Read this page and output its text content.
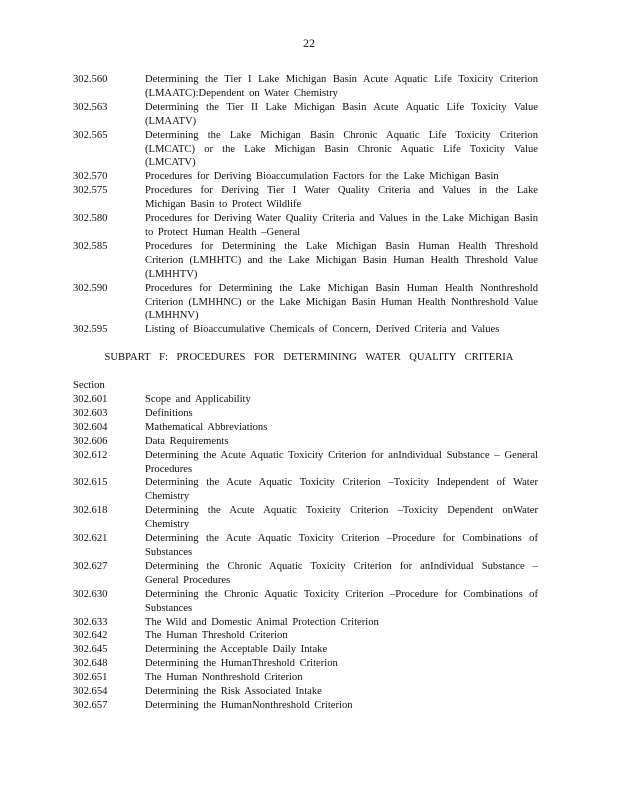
22
302.560	Determining the Tier I Lake Michigan Basin Acute Aquatic Life Toxicity Criterion (LMAATC):Dependent on Water Chemistry
302.563	Determining the Tier II Lake Michigan Basin Acute Aquatic Life Toxicity Value (LMAATV)
302.565	Determining the Lake Michigan Basin Chronic Aquatic Life Toxicity Criterion (LMCATC) or the Lake Michigan Basin Chronic Aquatic Life Toxicity Value (LMCATV)
302.570	Procedures for Deriving Bioaccumulation Factors for the Lake Michigan Basin
302.575	Procedures for Deriving Tier I Water Quality Criteria and Values in the Lake Michigan Basin to Protect Wildlife
302.580	Procedures for Deriving Water Quality Criteria and Values in the Lake Michigan Basin to Protect Human Health –General
302.585	Procedures for Determining the Lake Michigan Basin Human Health Threshold Criterion (LMHHTC) and the Lake Michigan Basin Human Health Threshold Value (LMHHTV)
302.590	Procedures for Determining the Lake Michigan Basin Human Health Nonthreshold Criterion (LMHHNC) or the Lake Michigan Basin Human Health Nonthreshold Value (LMHHNV)
302.595	Listing of Bioaccumulative Chemicals of Concern, Derived Criteria and Values
SUBPART F: PROCEDURES FOR DETERMINING WATER QUALITY CRITERIA
Section
302.601	Scope and Applicability
302.603	Definitions
302.604	Mathematical Abbreviations
302.606	Data Requirements
302.612	Determining the Acute Aquatic Toxicity Criterion for anIndividual Substance – General Procedures
302.615	Determining the Acute Aquatic Toxicity Criterion –Toxicity Independent of Water Chemistry
302.618	Determining the Acute Aquatic Toxicity Criterion –Toxicity Dependent onWater Chemistry
302.621	Determining the Acute Aquatic Toxicity Criterion –Procedure for Combinations of Substances
302.627	Determining the Chronic Aquatic Toxicity Criterion for anIndividual Substance – General Procedures
302.630	Determining the Chronic Aquatic Toxicity Criterion –Procedure for Combinations of Substances
302.633	The Wild and Domestic Animal Protection Criterion
302.642	The Human Threshold Criterion
302.645	Determining the Acceptable Daily Intake
302.648	Determining the HumanThreshold Criterion
302.651	The Human Nonthreshold Criterion
302.654	Determining the Risk Associated Intake
302.657	Determining the HumanNonthreshold Criterion
